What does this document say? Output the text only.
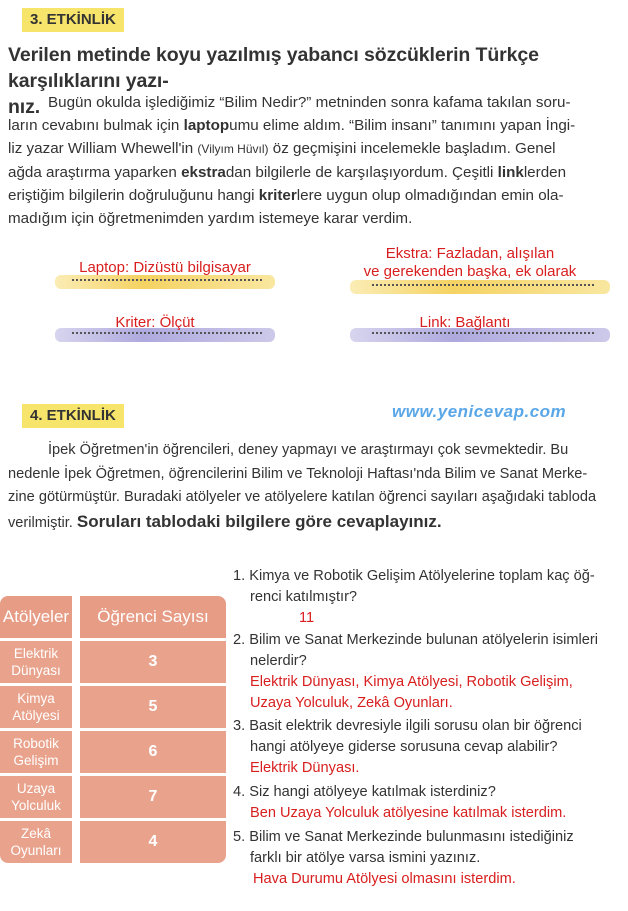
3. ETKİNLİK
Verilen metinde koyu yazılmış yabancı sözcüklerin Türkçe karşılıklarını yazı-
nız. Bugün okulda işlediğimiz “Bilim Nedir?” metninden sonra kafama takılan soru-
ların cevabını bulmak için laptopumu elime aldım. “Bilim insanı” tanımını yapan İngi-
liz yazar William Whewell'in (Vilyım Hüvıl) öz geçmişini incelemekle başladım. Genel
ağda araştırma yaparken ekstradan bilgilerle de karşılaşıyordum. Çeşitli linklerden
eriştiğim bilgilerin doğruluğunu hangi kriterlere uygun olup olmadığından emin ola-
madığım için öğretmenimden yardım istemeye karar verdim.
Laptop: Dizüstü bilgisayar
Ekstra: Fazladan, alışılan
ve gerekenden başka, ek olarak
Kriter: Ölçüt	Link: Bağlantı
4. ETKİNLİK	www.yenicevap.com
İpek Öğretmen'in öğrencileri, deney yapmayı ve araştırmayı çok sevmektedir. Bu
nedenle İpek Öğretmen, öğrencilerini Bilim ve Teknoloji Haftası'nda Bilim ve Sanat Merke-
zine götürmüştür. Buradaki atölyeler ve atölyelere katılan öğrenci sayıları aşağıdaki tabloda
verilmiştir. Soruları tablodaki bilgilere göre cevaplayınız.
Atölyeler		Öğrenci Sayısı

Elektrik
Dünyası		3

Kimya
Atölyesi		5

Robotik
Gelişim		6

Uzaya
Yolculuk		7

Zekâ
Oyunları		4
1. Kimya ve Robotik Gelişim Atölyelerine toplam kaç öğ-
renci katılmıştır?
11
2. Bilim ve Sanat Merkezinde bulunan atölyelerin isimleri
nelerdir?
Elektrik Dünyası, Kimya Atölyesi, Robotik Gelişim,
Uzaya Yolculuk, Zekâ Oyunları.
3. Basit elektrik devresiyle ilgili sorusu olan bir öğrenci
hangi atölyeye giderse sorusuna cevap alabilir?
Elektrik Dünyası.
4. Siz hangi atölyeye katılmak isterdiniz?
Ben Uzaya Yolculuk atölyesine katılmak isterdim.
5. Bilim ve Sanat Merkezinde bulunmasını istediğiniz
farklı bir atölye varsa ismini yazınız.
Hava Durumu Atölyesi olmasını isterdim.
